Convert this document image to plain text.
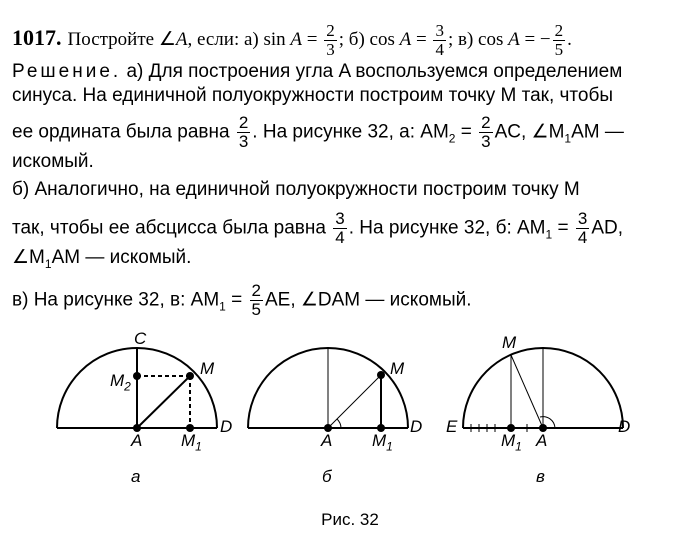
1017. Постройте ∠A, если: а) $\sin A = \frac{2}{3}$ ; б) $\cos A = \frac{3}{4}$ ; в) cos A = − $\frac{2}{5}$ .
Решение. а) Для построения угла A воспользуемся определением
синуса. На единичной полуокружности построим точку M так, чтобы
ее ордината была равна $\frac{2}{3}$ . На рисунке 32, а: $AM_2 = \frac{2}{3}$ AC, $\angle M_1AM$ —
искомый.
б) Аналогично, на единичной полуокружности построим точку M
так, чтобы ее абсцисса была равна $\frac{3}{4}$ . На рисунке 32, б: $AM_1 = \frac{3}{4}$ AD,
$\angle M_1AM$ — искомый.
в) На рисунке 32, в: $AM_1 = \frac{2}{5}$ AE, ∠DAM — искомый.
C
$M_2$
M
A $M_1$
D
а
M
A $M_1$
D
б
M
E
$M_1$ A
D
в
Рис. 32
